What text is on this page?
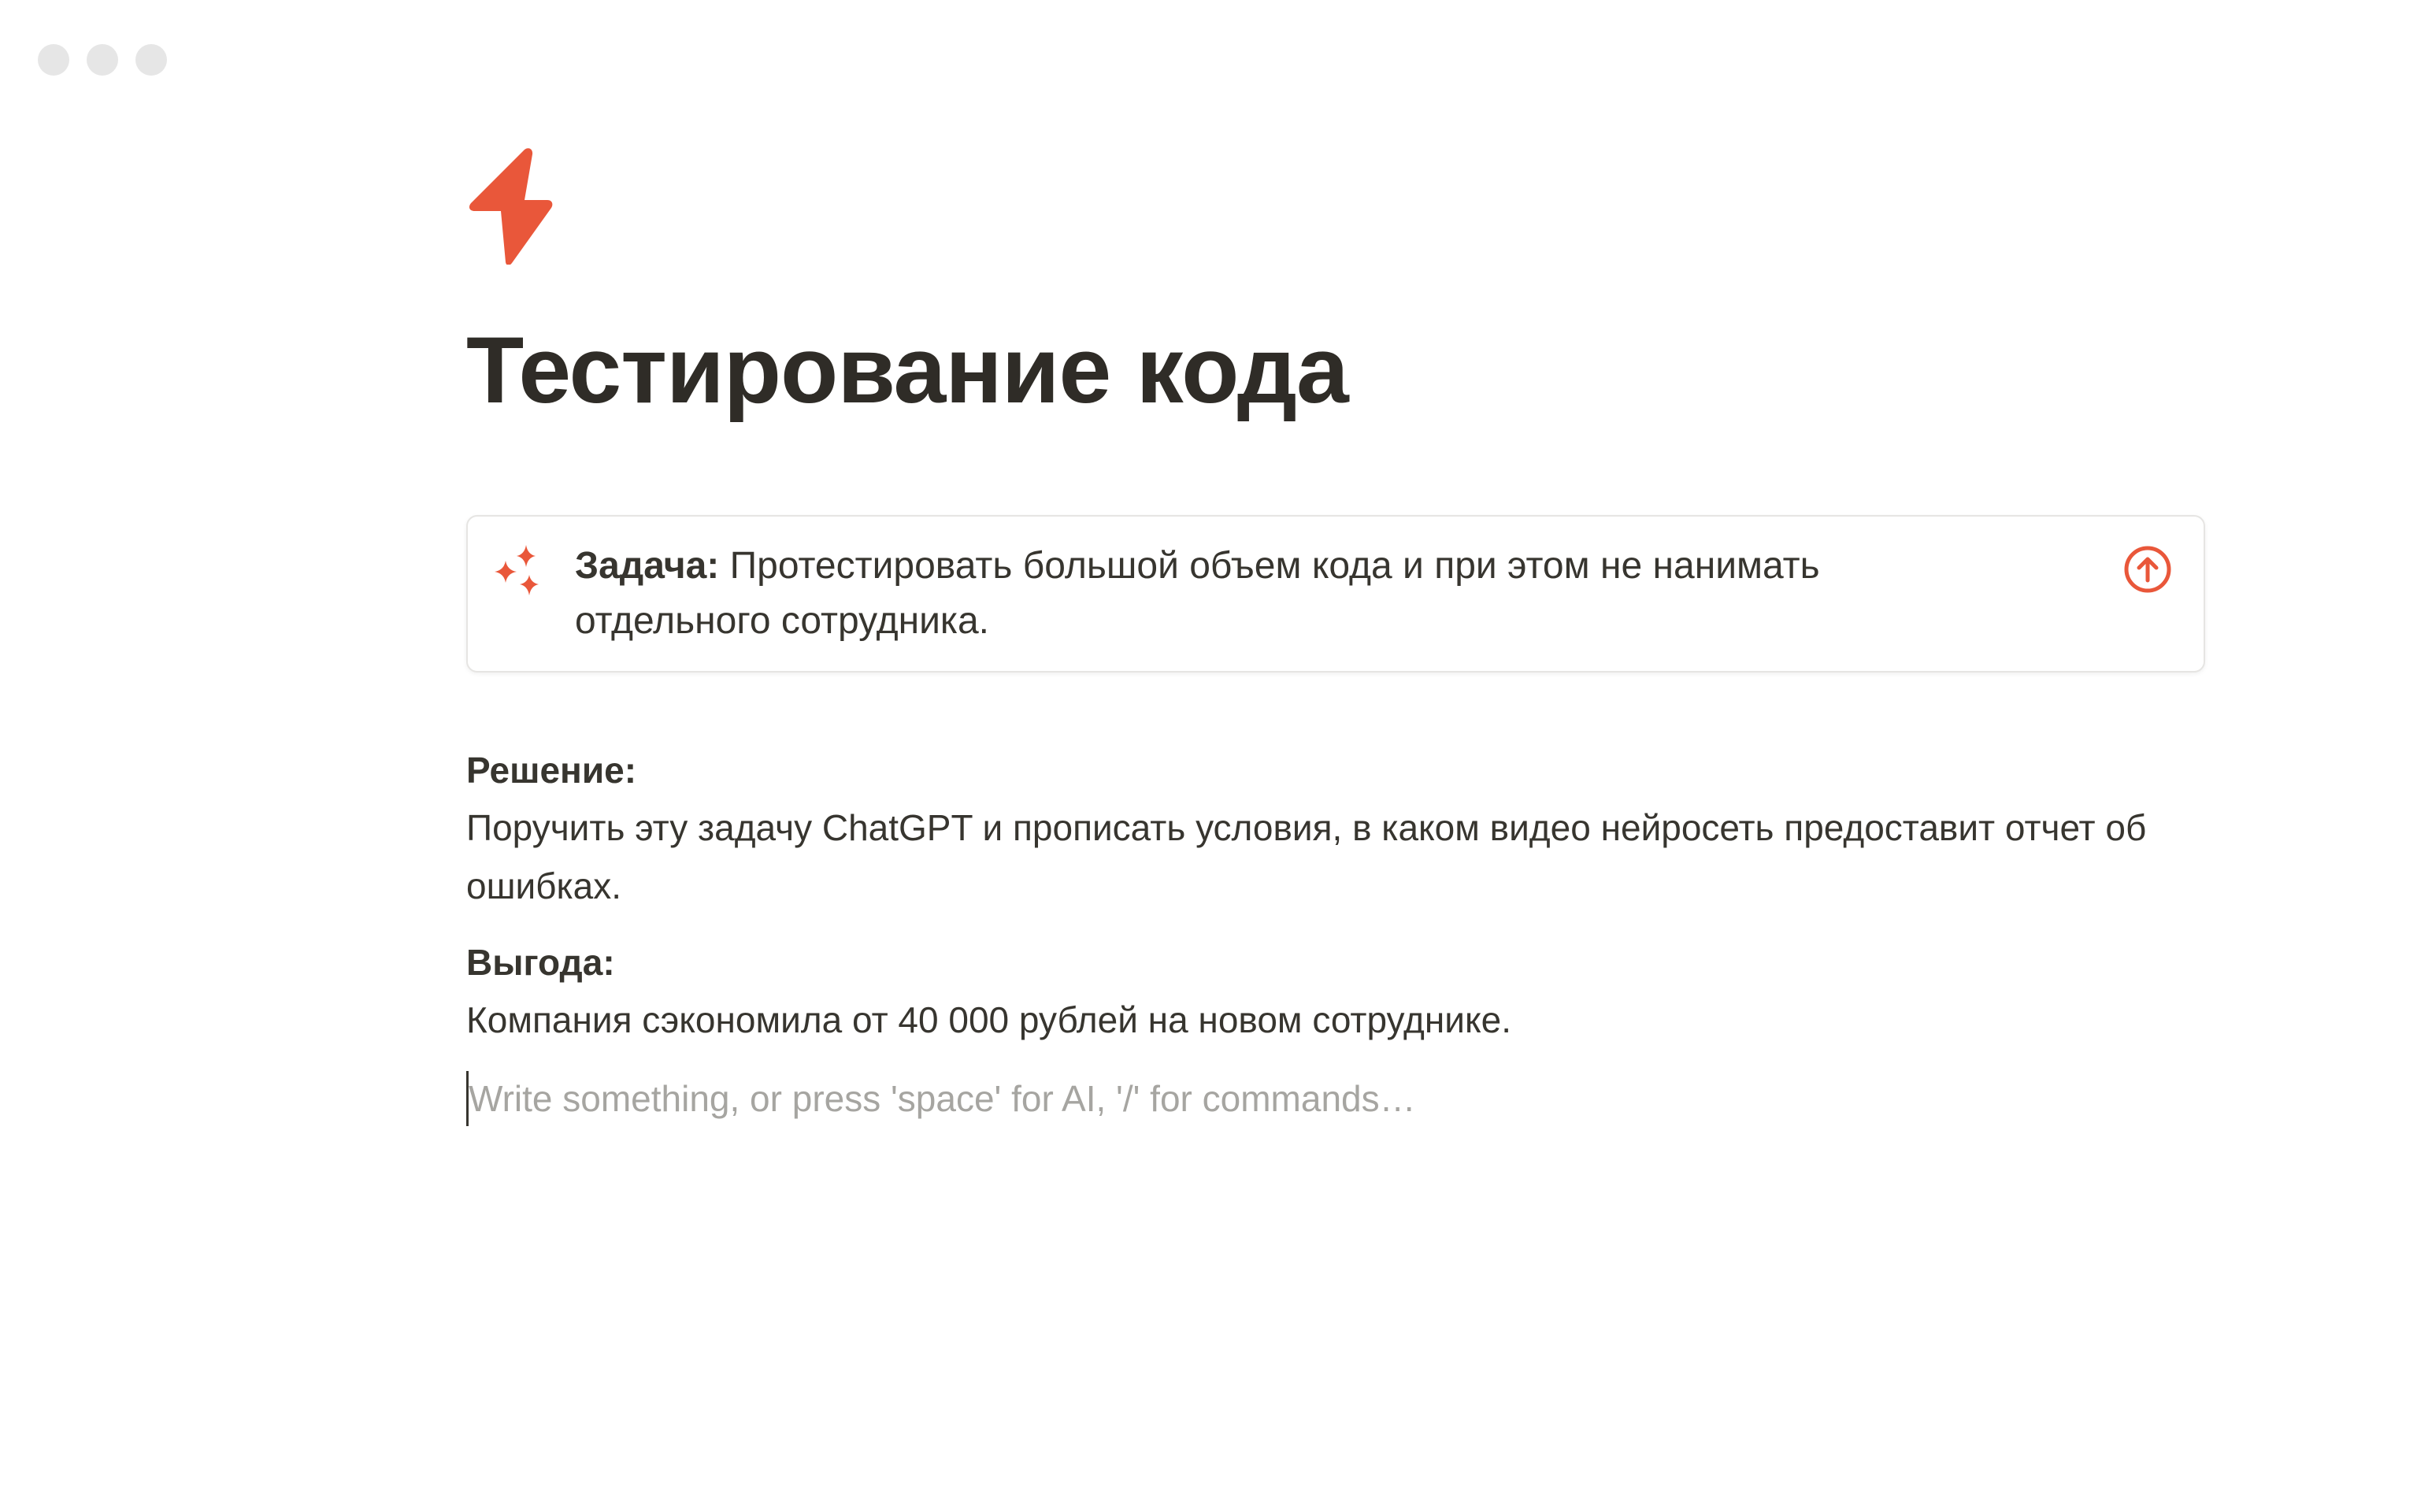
Тестирование кода
Задача: Протестировать большой объем кода и при этом не нанимать отдельного сотрудника.

Решение:

Поручить эту задачу ChatGPT и прописать условия, в каком видео нейросеть предоставит отчет об ошибках.

Выгода:

Компания сэкономила от 40 000 рублей на новом сотруднике.

Write something, or press 'space' for AI, '/' for commands…
